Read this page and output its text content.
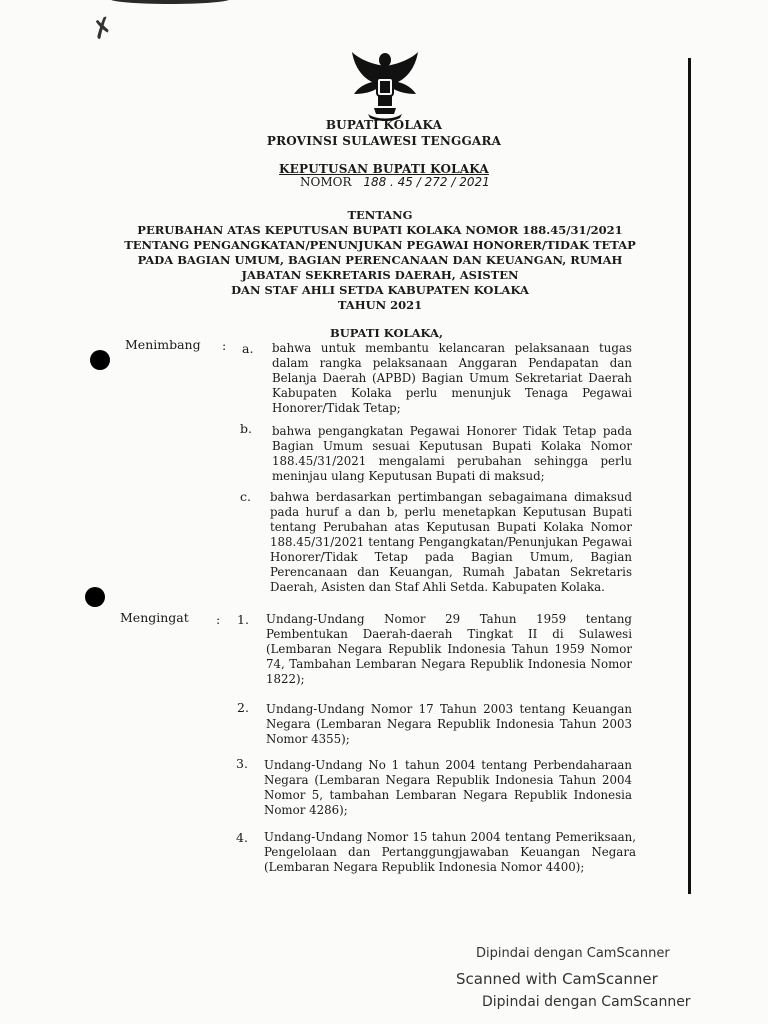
✗
BUPATI KOLAKA
PROVINSI SULAWESI TENGGARA
KEPUTUSAN BUPATI KOLAKA
NOMOR 188 . 45 / 272 / 2021
TENTANG
PERUBAHAN ATAS KEPUTUSAN BUPATI KOLAKA NOMOR 188.45/31/2021
TENTANG PENGANGKATAN/PENUNJUKAN PEGAWAI HONORER/TIDAK TETAP
PADA BAGIAN UMUM, BAGIAN PERENCANAAN DAN KEUANGAN, RUMAH
JABATAN SEKRETARIS DAERAH, ASISTEN
DAN STAF AHLI SETDA KABUPATEN KOLAKA
TAHUN 2021
BUPATI KOLAKA,
Menimbang : a. bahwa untuk membantu kelancaran pelaksanaan tugas dalam rangka pelaksanaan Anggaran Pendapatan dan Belanja Daerah (APBD) Bagian Umum Sekretariat Daerah Kabupaten Kolaka perlu menunjuk Tenaga Pegawai Honorer/Tidak Tetap;

b. bahwa pengangkatan Pegawai Honorer Tidak Tetap pada Bagian Umum sesuai Keputusan Bupati Kolaka Nomor 188.45/31/2021 mengalami perubahan sehingga perlu meninjau ulang Keputusan Bupati di maksud;

c. bahwa berdasarkan pertimbangan sebagaimana dimaksud pada huruf a dan b, perlu menetapkan Keputusan Bupati tentang Perubahan atas Keputusan Bupati Kolaka Nomor 188.45/31/2021 tentang Pengangkatan/Penunjukan Pegawai Honorer/Tidak Tetap pada Bagian Umum, Bagian Perencanaan dan Keuangan, Rumah Jabatan Sekretaris Daerah, Asisten dan Staf Ahli Setda. Kabupaten Kolaka.

Mengingat : 1. Undang-Undang Nomor 29 Tahun 1959 tentang Pembentukan Daerah-daerah Tingkat II di Sulawesi (Lembaran Negara Republik Indonesia Tahun 1959 Nomor 74, Tambahan Lembaran Negara Republik Indonesia Nomor 1822);

2. Undang-Undang Nomor 17 Tahun 2003 tentang Keuangan Negara (Lembaran Negara Republik Indonesia Tahun 2003 Nomor 4355);

3. Undang-Undang No 1 tahun 2004 tentang Perbendaharaan Negara (Lembaran Negara Republik Indonesia Tahun 2004 Nomor 5, tambahan Lembaran Negara Republik Indonesia Nomor 4286);

4. Undang-Undang Nomor 15 tahun 2004 tentang Pemeriksaan, Pengelolaan dan Pertanggungjawaban Keuangan Negara (Lembaran Negara Republik Indonesia Nomor 4400);

Dipindai dengan CamScanner
Scanned with CamScanner
Dipindai dengan CamScanner
